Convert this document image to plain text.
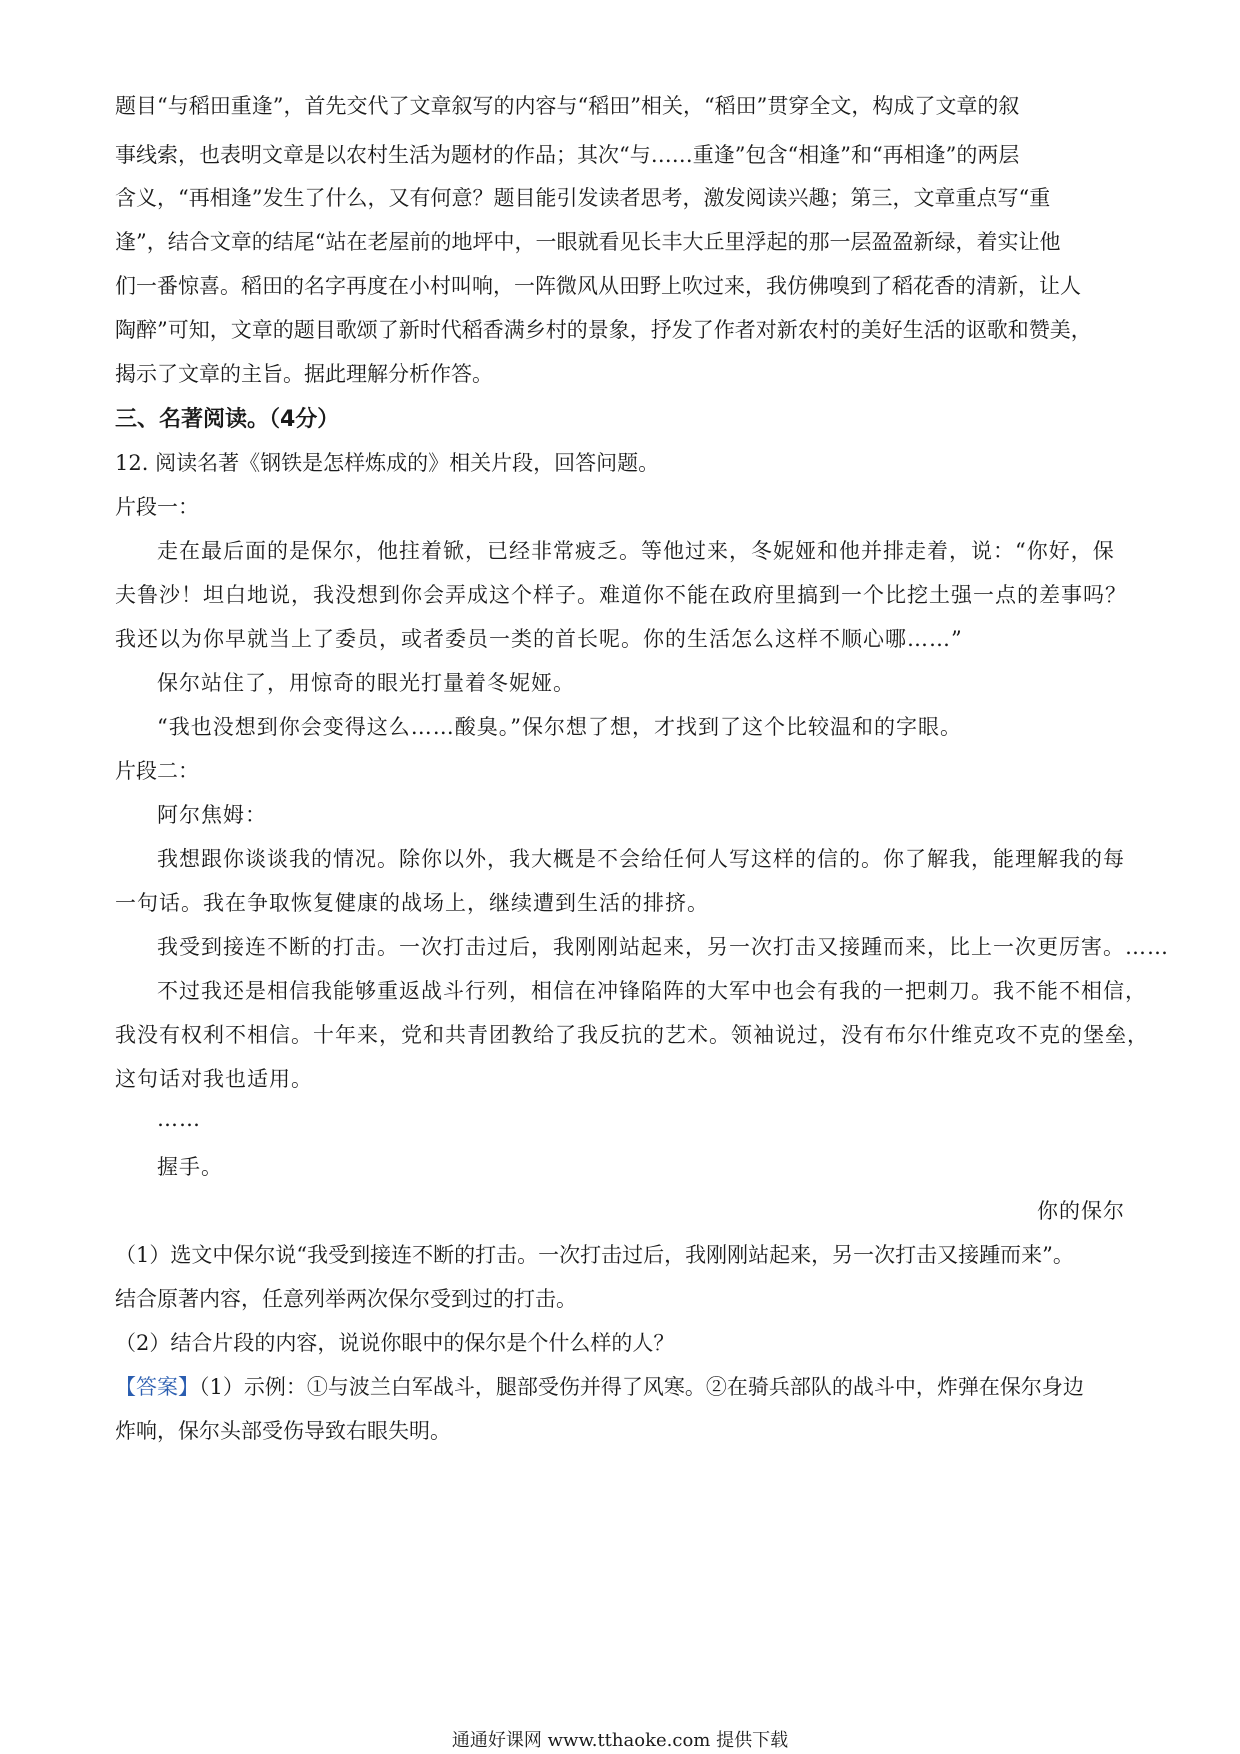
题目“与稻田重逢”，首先交代了文章叙写的内容与“稻田”相关，“稻田”贯穿全文，构成了文章的叙

事线索，也表明文章是以农村生活为题材的作品；其次“与……重逢”包含“相逢”和“再相逢”的两层

含义，“再相逢”发生了什么，又有何意？题目能引发读者思考，激发阅读兴趣；第三，文章重点写“重

逢”，结合文章的结尾“站在老屋前的地坪中，一眼就看见长丰大丘里浮起的那一层盈盈新绿，着实让他

们一番惊喜。稻田的名字再度在小村叫响，一阵微风从田野上吹过来，我仿佛嗅到了稻花香的清新，让人

陶醉”可知，文章的题目歌颂了新时代稻香满乡村的景象，抒发了作者对新农村的美好生活的讴歌和赞美，

揭示了文章的主旨。据此理解分析作答。

三、名著阅读。（4分）

12. 阅读名著《钢铁是怎样炼成的》相关片段，回答问题。

片段一：

走在最后面的是保尔，他拄着锨，已经非常疲乏。等他过来，冬妮娅和他并排走着，说：“你好，保

夫鲁沙！坦白地说，我没想到你会弄成这个样子。难道你不能在政府里搞到一个比挖土强一点的差事吗？

我还以为你早就当上了委员，或者委员一类的首长呢。你的生活怎么这样不顺心哪……”

保尔站住了，用惊奇的眼光打量着冬妮娅。

“我也没想到你会变得这么……酸臭。”保尔想了想，才找到了这个比较温和的字眼。

片段二：

阿尔焦姆：

我想跟你谈谈我的情况。除你以外，我大概是不会给任何人写这样的信的。你了解我，能理解我的每

一句话。我在争取恢复健康的战场上，继续遭到生活的排挤。

我受到接连不断的打击。一次打击过后，我刚刚站起来，另一次打击又接踵而来，比上一次更厉害。……

不过我还是相信我能够重返战斗行列，相信在冲锋陷阵的大军中也会有我的一把刺刀。我不能不相信，

我没有权利不相信。十年来，党和共青团教给了我反抗的艺术。领袖说过，没有布尔什维克攻不克的堡垒，

这句话对我也适用。

……

握手。

你的保尔

（1）选文中保尔说“我受到接连不断的打击。一次打击过后，我刚刚站起来，另一次打击又接踵而来”。

结合原著内容，任意列举两次保尔受到过的打击。

（2）结合片段的内容，说说你眼中的保尔是个什么样的人？

【答案】（1）示例：①与波兰白军战斗，腿部受伤并得了风寒。②在骑兵部队的战斗中，炸弹在保尔身边

炸响，保尔头部受伤导致右眼失明。

通通好课网 www.tthaoke.com 提供下载
